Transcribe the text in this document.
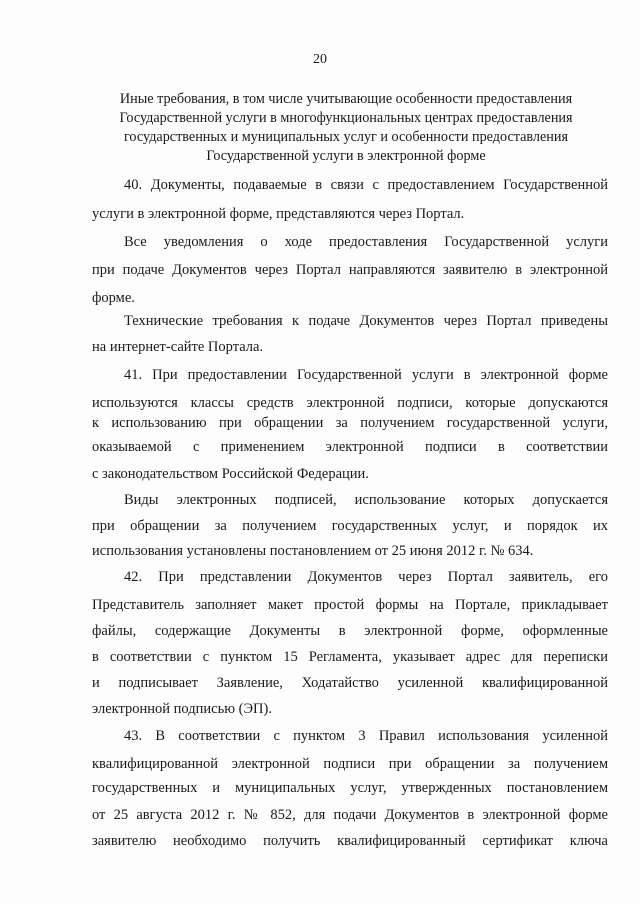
20
Иные требования, в том числе учитывающие особенности предоставления
Государственной услуги в многофункциональных центрах предоставления
государственных и муниципальных услуг и особенности предоставления
Государственной услуги в электронной форме
40. Документы, подаваемые в связи с предоставлением Государственной
услуги в электронной форме, представляются через Портал.
Все уведомления о ходе предоставления Государственной услуги
при подаче Документов через Портал направляются заявителю в электронной
форме.
Технические требования к подаче Документов через Портал приведены
на интернет-сайте Портала.
41. При предоставлении Государственной услуги в электронной форме
используются классы средств электронной подписи, которые допускаются
к использованию при обращении за получением государственной услуги,
оказываемой с применением электронной подписи в соответствии
с законодательством Российской Федерации.
Виды электронных подписей, использование которых допускается
при обращении за получением государственных услуг, и порядок их
использования установлены постановлением от 25 июня 2012 г. № 634.
42. При представлении Документов через Портал заявитель, его
Представитель заполняет макет простой формы на Портале, прикладывает
файлы, содержащие Документы в электронной форме, оформленные
в соответствии с пунктом 15 Регламента, указывает адрес для переписки
и подписывает Заявление, Ходатайство усиленной квалифицированной
электронной подписью (ЭП).
43. В соответствии с пунктом 3 Правил использования усиленной
квалифицированной электронной подписи при обращении за получением
государственных и муниципальных услуг, утвержденных постановлением
от 25 августа 2012 г. № 852, для подачи Документов в электронной форме
заявителю необходимо получить квалифицированный сертификат ключа
